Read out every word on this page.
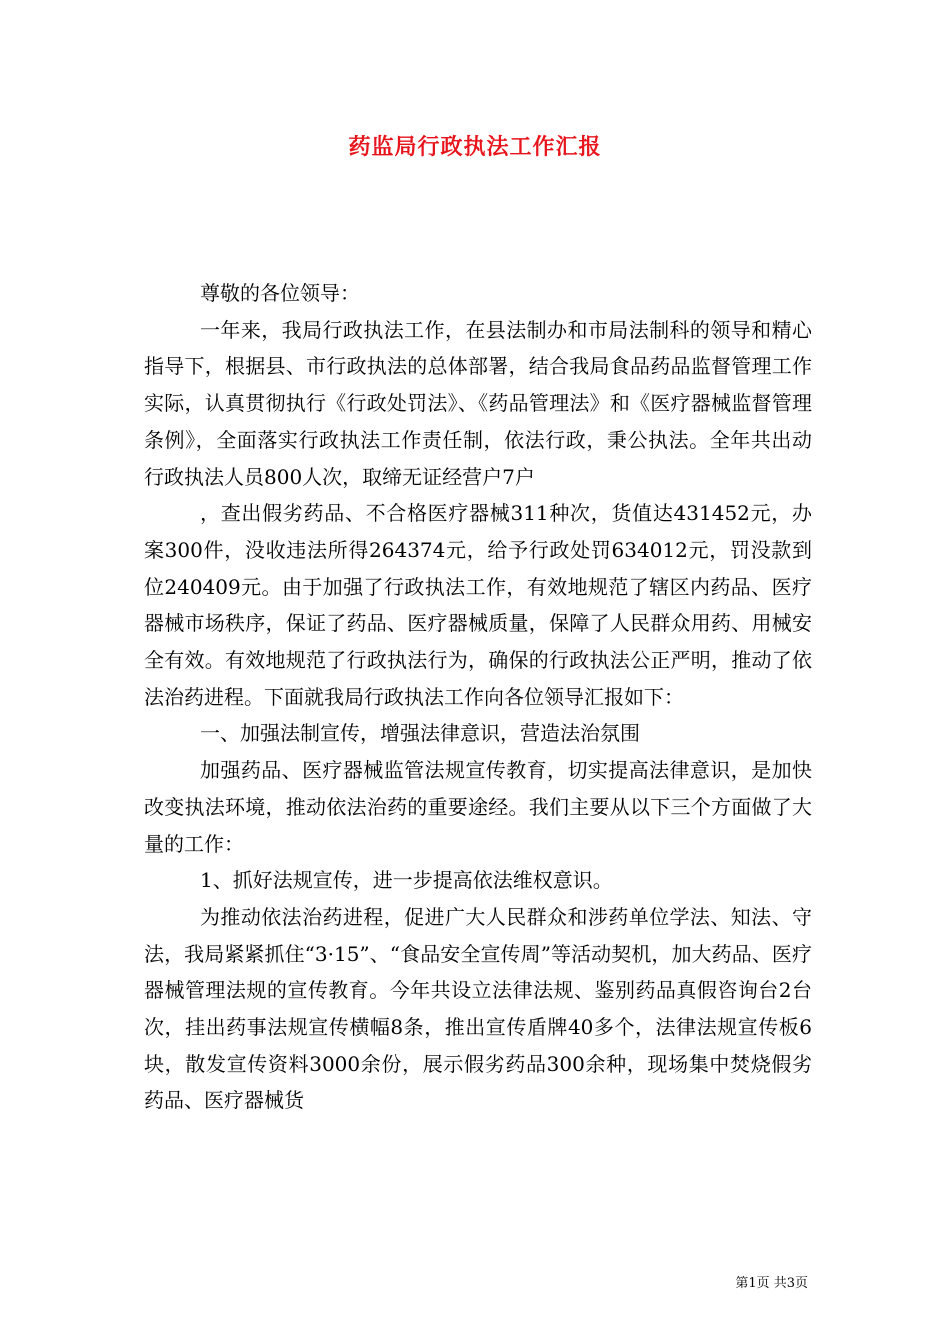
药监局行政执法工作汇报

尊敬的各位领导：

一年来，我局行政执法工作，在县法制办和市局法制科的领导和精心指导下，根据县、市行政执法的总体部署，结合我局食品药品监督管理工作实际，认真贯彻执行《行政处罚法》、《药品管理法》和《医疗器械监督管理条例》，全面落实行政执法工作责任制，依法行政，秉公执法。全年共出动行政执法人员800人次，取缔无证经营户7户

，查出假劣药品、不合格医疗器械311种次，货值达431452元，办案300件，没收违法所得264374元，给予行政处罚634012元，罚没款到位240409元。由于加强了行政执法工作，有效地规范了辖区内药品、医疗器械市场秩序，保证了药品、医疗器械质量，保障了人民群众用药、用械安全有效。有效地规范了行政执法行为，确保的行政执法公正严明，推动了依法治药进程。下面就我局行政执法工作向各位领导汇报如下：

一、加强法制宣传，增强法律意识，营造法治氛围

加强药品、医疗器械监管法规宣传教育，切实提高法律意识，是加快改变执法环境，推动依法治药的重要途经。我们主要从以下三个方面做了大量的工作：

1、抓好法规宣传，进一步提高依法维权意识。

为推动依法治药进程，促进广大人民群众和涉药单位学法、知法、守法，我局紧紧抓住“3·15”、“食品安全宣传周”等活动契机，加大药品、医疗器械管理法规的宣传教育。今年共设立法律法规、鉴别药品真假咨询台2台次，挂出药事法规宣传横幅8条，推出宣传盾牌40多个，法律法规宣传板6块，散发宣传资料3000余份，展示假劣药品300余种，现场集中焚烧假劣药品、医疗器械货

第1页 共3页
